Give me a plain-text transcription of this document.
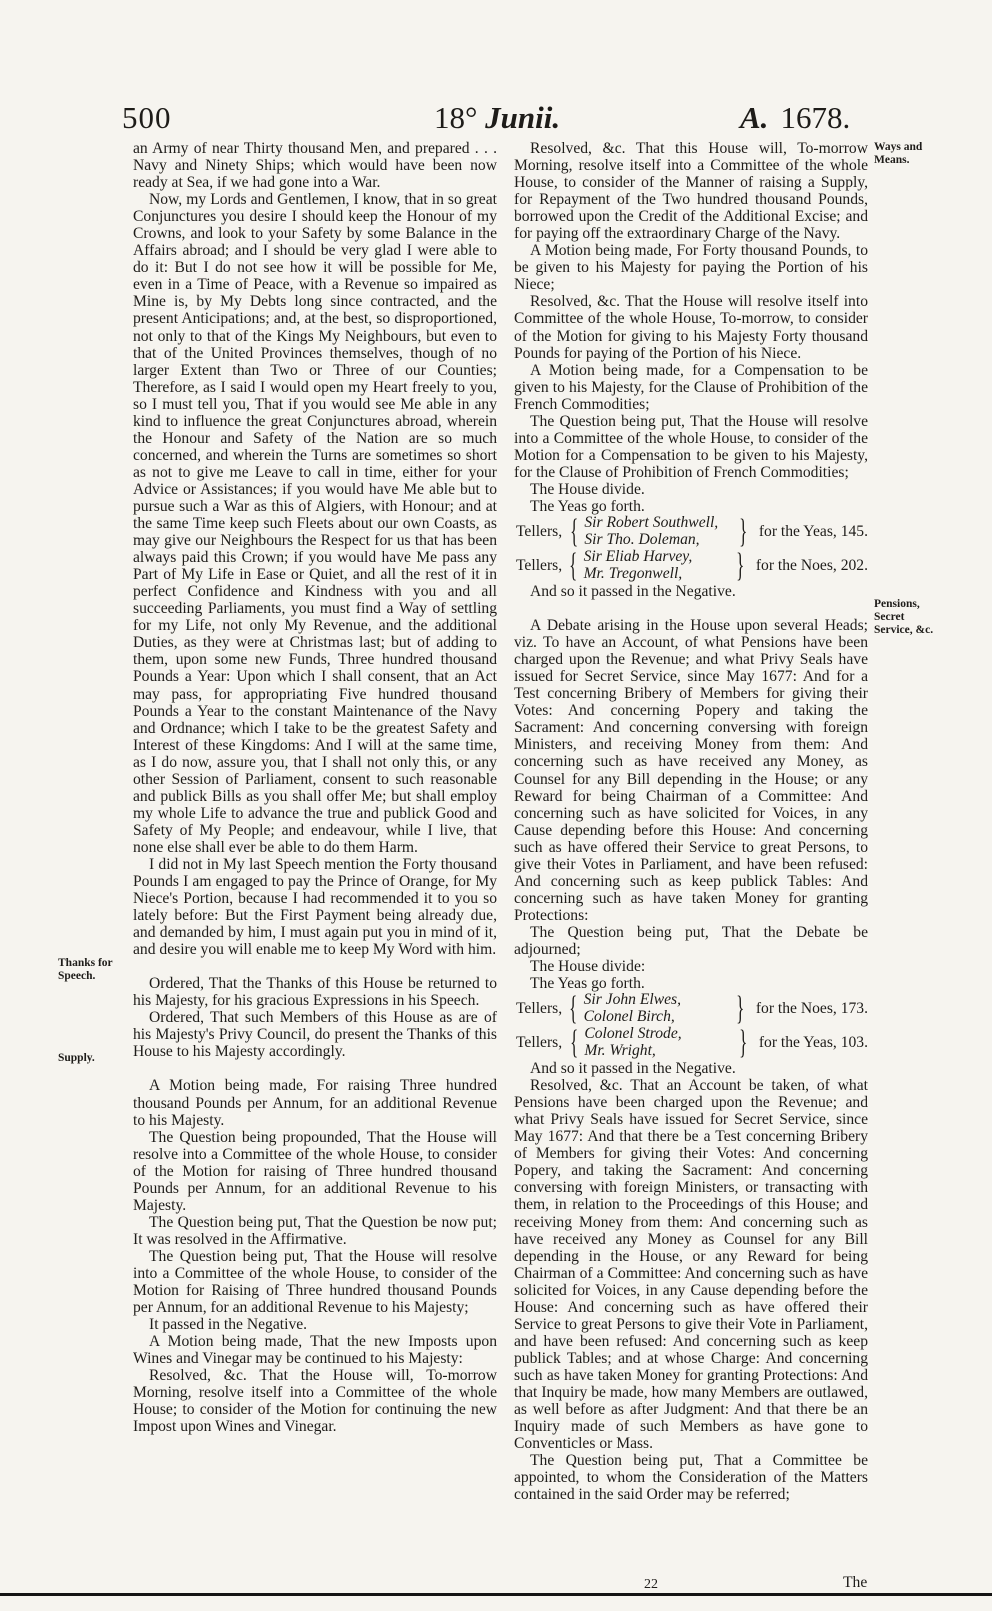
500	18° Junii.	A. 1678.
Thanks for Speech.
Supply.
Ways and Means.
Pensions, Secret Service, &c.

an Army of near Thirty thousand Men, and prepared . . . Navy and Ninety Ships; which would have been now ready at Sea, if we had gone into a War.

Now, my Lords and Gentlemen, I know, that in so great Conjunctures you desire I should keep the Honour of my Crowns, and look to your Safety by some Balance in the Affairs abroad; and I should be very glad I were able to do it: But I do not see how it will be possible for Me, even in a Time of Peace, with a Revenue so impaired as Mine is, by My Debts long since contracted, and the present Anticipations; and, at the best, so disproportioned, not only to that of the Kings My Neighbours, but even to that of the United Provinces themselves, though of no larger Extent than Two or Three of our Counties; Therefore, as I said I would open my Heart freely to you, so I must tell you, That if you would see Me able in any kind to influence the great Conjunctures abroad, wherein the Honour and Safety of the Nation are so much concerned, and wherein the Turns are sometimes so short as not to give me Leave to call in time, either for your Advice or Assistances; if you would have Me able but to pursue such a War as this of Algiers, with Honour; and at the same Time keep such Fleets about our own Coasts, as may give our Neighbours the Respect for us that has been always paid this Crown; if you would have Me pass any Part of My Life in Ease or Quiet, and all the rest of it in perfect Confidence and Kindness with you and all succeeding Parliaments, you must find a Way of settling for my Life, not only My Revenue, and the additional Duties, as they were at Christmas last; but of adding to them, upon some new Funds, Three hundred thousand Pounds a Year: Upon which I shall consent, that an Act may pass, for appropriating Five hundred thousand Pounds a Year to the constant Maintenance of the Navy and Ordnance; which I take to be the greatest Safety and Interest of these Kingdoms: And I will at the same time, as I do now, assure you, that I shall not only this, or any other Session of Parliament, consent to such reasonable and publick Bills as you shall offer Me; but shall employ my whole Life to advance the true and publick Good and Safety of My People; and endeavour, while I live, that none else shall ever be able to do them Harm.

I did not in My last Speech mention the Forty thousand Pounds I am engaged to pay the Prince of Orange, for My Niece's Portion, because I had recommended it to you so lately before: But the First Payment being already due, and demanded by him, I must again put you in mind of it, and desire you will enable me to keep My Word with him.

Ordered, That the Thanks of this House be returned to his Majesty, for his gracious Expressions in his Speech.

Ordered, That such Members of this House as are of his Majesty's Privy Council, do present the Thanks of this House to his Majesty accordingly.

A Motion being made, For raising Three hundred thousand Pounds per Annum, for an additional Revenue to his Majesty.

The Question being propounded, That the House will resolve into a Committee of the whole House, to consider of the Motion for raising of Three hundred thousand Pounds per Annum, for an additional Revenue to his Majesty.

The Question being put, That the Question be now put; It was resolved in the Affirmative.

The Question being put, That the House will resolve into a Committee of the whole House, to consider of the Motion for Raising of Three hundred thousand Pounds per Annum, for an additional Revenue to his Majesty;

It passed in the Negative.

A Motion being made, That the new Imposts upon Wines and Vinegar may be continued to his Majesty:

Resolved, &c. That the House will, To-morrow Morning, resolve itself into a Committee of the whole House; to consider of the Motion for continuing the new Impost upon Wines and Vinegar.

Resolved, &c. That this House will, To-morrow Morning, resolve itself into a Committee of the whole House, to consider of the Manner of raising a Supply, for Repayment of the Two hundred thousand Pounds, borrowed upon the Credit of the Additional Excise; and for paying off the extraordinary Charge of the Navy.

A Motion being made, For Forty thousand Pounds, to be given to his Majesty for paying the Portion of his Niece;

Resolved, &c. That the House will resolve itself into Committee of the whole House, To-morrow, to consider of the Motion for giving to his Majesty Forty thousand Pounds for paying of the Portion of his Niece.

A Motion being made, for a Compensation to be given to his Majesty, for the Clause of Prohibition of the French Commodities;

The Question being put, That the House will resolve into a Committee of the whole House, to consider of the Motion for a Compensation to be given to his Majesty, for the Clause of Prohibition of French Commodities;

The House divide.

The Yeas go forth.

Tellers, { Sir Robert Southwell,
Sir Tho. Doleman,	} for the Yeas, 145.
Tellers, { Sir Eliab Harvey,
Mr. Tregonwell,	} for the Noes, 202.

And so it passed in the Negative.

A Debate arising in the House upon several Heads; viz. To have an Account, of what Pensions have been charged upon the Revenue; and what Privy Seals have issued for Secret Service, since May 1677: And for a Test concerning Bribery of Members for giving their Votes: And concerning Popery and taking the Sacrament: And concerning conversing with foreign Ministers, and receiving Money from them: And concerning such as have received any Money, as Counsel for any Bill depending in the House; or any Reward for being Chairman of a Committee: And concerning such as have solicited for Voices, in any Cause depending before this House: And concerning such as have offered their Service to great Persons, to give their Votes in Parliament, and have been refused: And concerning such as keep publick Tables: And concerning such as have taken Money for granting Protections:

The Question being put, That the Debate be adjourned;

The House divide:

The Yeas go forth.

Tellers, { Sir John Elwes,
Colonel Birch,	} for the Noes, 173.
Tellers, { Colonel Strode,
Mr. Wright,	} for the Yeas, 103.

And so it passed in the Negative.

Resolved, &c. That an Account be taken, of what Pensions have been charged upon the Revenue; and what Privy Seals have issued for Secret Service, since May 1677: And that there be a Test concerning Bribery of Members for giving their Votes: And concerning Popery, and taking the Sacrament: And concerning conversing with foreign Ministers, or transacting with them, in relation to the Proceedings of this House; and receiving Money from them: And concerning such as have received any Money as Counsel for any Bill depending in the House, or any Reward for being Chairman of a Committee: And concerning such as have solicited for Voices, in any Cause depending before the House: And concerning such as have offered their Service to great Persons to give their Vote in Parliament, and have been refused: And concerning such as keep publick Tables; and at whose Charge: And concerning such as have taken Money for granting Protections: And that Inquiry be made, how many Members are outlawed, as well before as after Judgment: And that there be an Inquiry made of such Members as have gone to Conventicles or Mass.

The Question being put, That a Committee be appointed, to whom the Consideration of the Matters contained in the said Order may be referred;

22	The
